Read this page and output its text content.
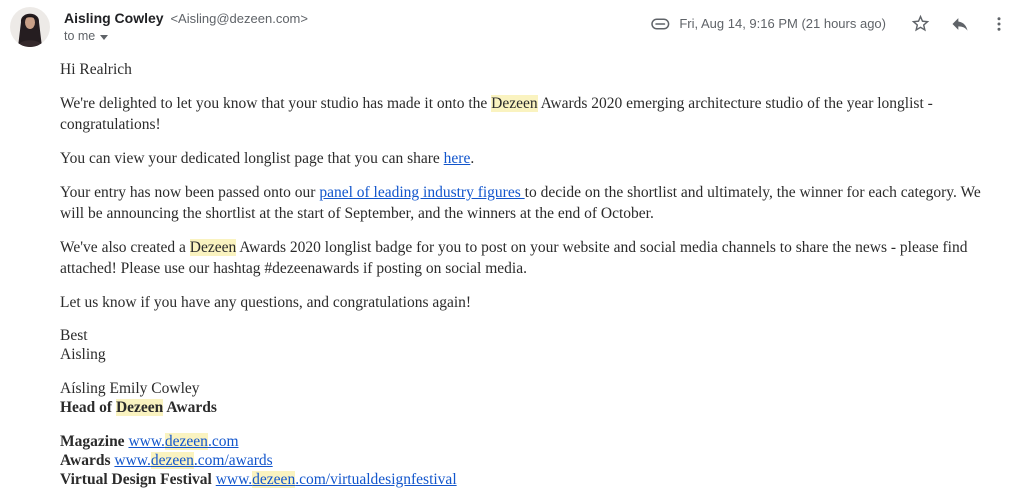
Aisling Cowley <Aisling@dezeen.com>
to me
Fri, Aug 14, 9:16 PM (21 hours ago)

Hi Realrich

We're delighted to let you know that your studio has made it onto the Dezeen Awards 2020 emerging architecture studio of the year longlist - congratulations!

You can view your dedicated longlist page that you can share here.

Your entry has now been passed onto our panel of leading industry figures to decide on the shortlist and ultimately, the winner for each category. We will be announcing the shortlist at the start of September, and the winners at the end of October.

We've also created a Dezeen Awards 2020 longlist badge for you to post on your website and social media channels to share the news - please find attached! Please use our hashtag #dezeenawards if posting on social media.

Let us know if you have any questions, and congratulations again!

Best
Aisling
Aísling Emily Cowley
Head of Dezeen Awards
Magazine www.dezeen.com
Awards www.dezeen.com/awards
Virtual Design Festival www.dezeen.com/virtualdesignfestival
